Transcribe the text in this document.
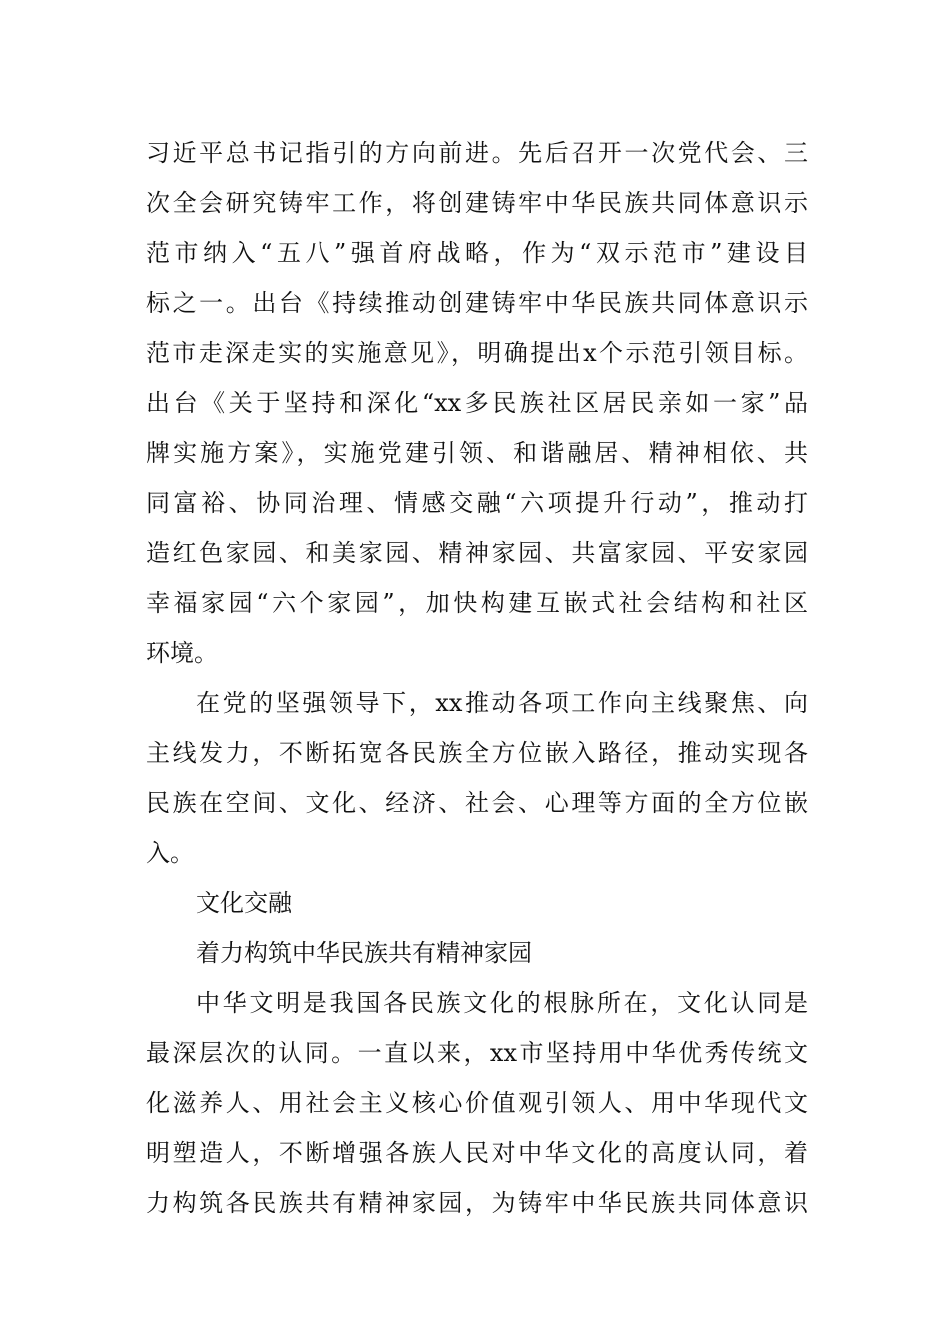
习近平总书记指引的方向前进。先后召开一次党代会、三
次全会研究铸牢工作，将创建铸牢中华民族共同体意识示
范市纳入“五八”强首府战略，作为“双示范市”建设目
标之一。出台《持续推动创建铸牢中华民族共同体意识示
范市走深走实的实施意见》，明确提出x个示范引领目标。
出台《关于坚持和深化“xx多民族社区居民亲如一家”品
牌实施方案》，实施党建引领、和谐融居、精神相依、共
同富裕、协同治理、情感交融“六项提升行动”，推动打
造红色家园、和美家园、精神家园、共富家园、平安家园
幸福家园“六个家园”，加快构建互嵌式社会结构和社区
环境。
在党的坚强领导下，xx推动各项工作向主线聚焦、向
主线发力，不断拓宽各民族全方位嵌入路径，推动实现各
民族在空间、文化、经济、社会、心理等方面的全方位嵌
入。
文化交融
着力构筑中华民族共有精神家园
中华文明是我国各民族文化的根脉所在，文化认同是
最深层次的认同。一直以来，xx市坚持用中华优秀传统文
化滋养人、用社会主义核心价值观引领人、用中华现代文
明塑造人，不断增强各族人民对中华文化的高度认同，着
力构筑各民族共有精神家园，为铸牢中华民族共同体意识
